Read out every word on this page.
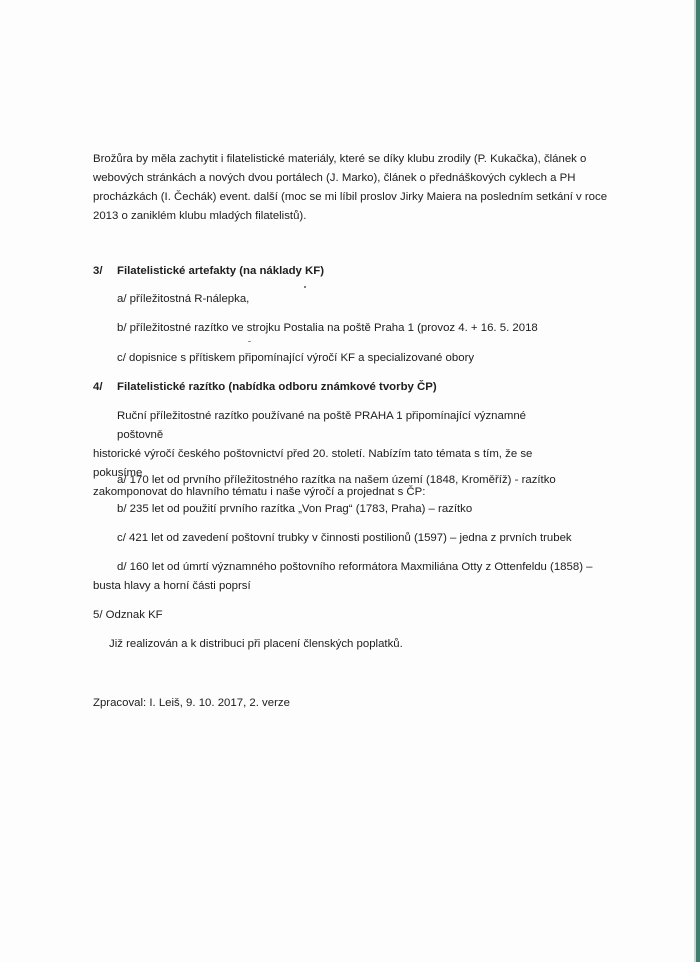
Brožůra by měla zachytit i filatelistické materiály, které se díky klubu zrodily (P. Kukačka), článek o
webových stránkách a nových dvou portálech (J. Marko), článek o přednáškových cyklech a PH
procházkách (I. Čechák) event. další (moc se mi líbil proslov Jirky Maiera na posledním setkání v roce
2013 o zaniklém klubu mladých filatelistů).
3/ Filatelistické artefakty (na náklady KF)
a/ příležitostná R-nálepka,
b/ příležitostné razítko ve strojku Postalia na poště Praha 1 (provoz 4. + 16. 5. 2018
c/ dopisnice s přítiskem připomínající výročí KF a specializované obory
4/ Filatelistické razítko (nabídka odboru známkové tvorby ČP)
Ruční příležitostné razítko používané na poště PRAHA 1 připomínající významné poštovně
historické výročí českého poštovnictví před 20. století. Nabízím tato témata s tím, že se pokusíme
zakomponovat do hlavního tématu i naše výročí a projednat s ČP:
a/ 170 let od prvního příležitostného razítka na našem území (1848, Kroměříž) - razítko
b/ 235 let od použití prvního razítka „Von Prag“ (1783, Praha) – razítko
c/ 421 let od zavedení poštovní trubky v činnosti postilionů (1597) – jedna z prvních trubek
d/ 160 let od úmrtí významného poštovního reformátora Maxmiliána Otty z Ottenfeldu (1858) –
busta hlavy a horní části poprsí
5/ Odznak KF
Již realizován a k distribuci při placení členských poplatků.
Zpracoval: I. Leiš, 9. 10. 2017, 2. verze
